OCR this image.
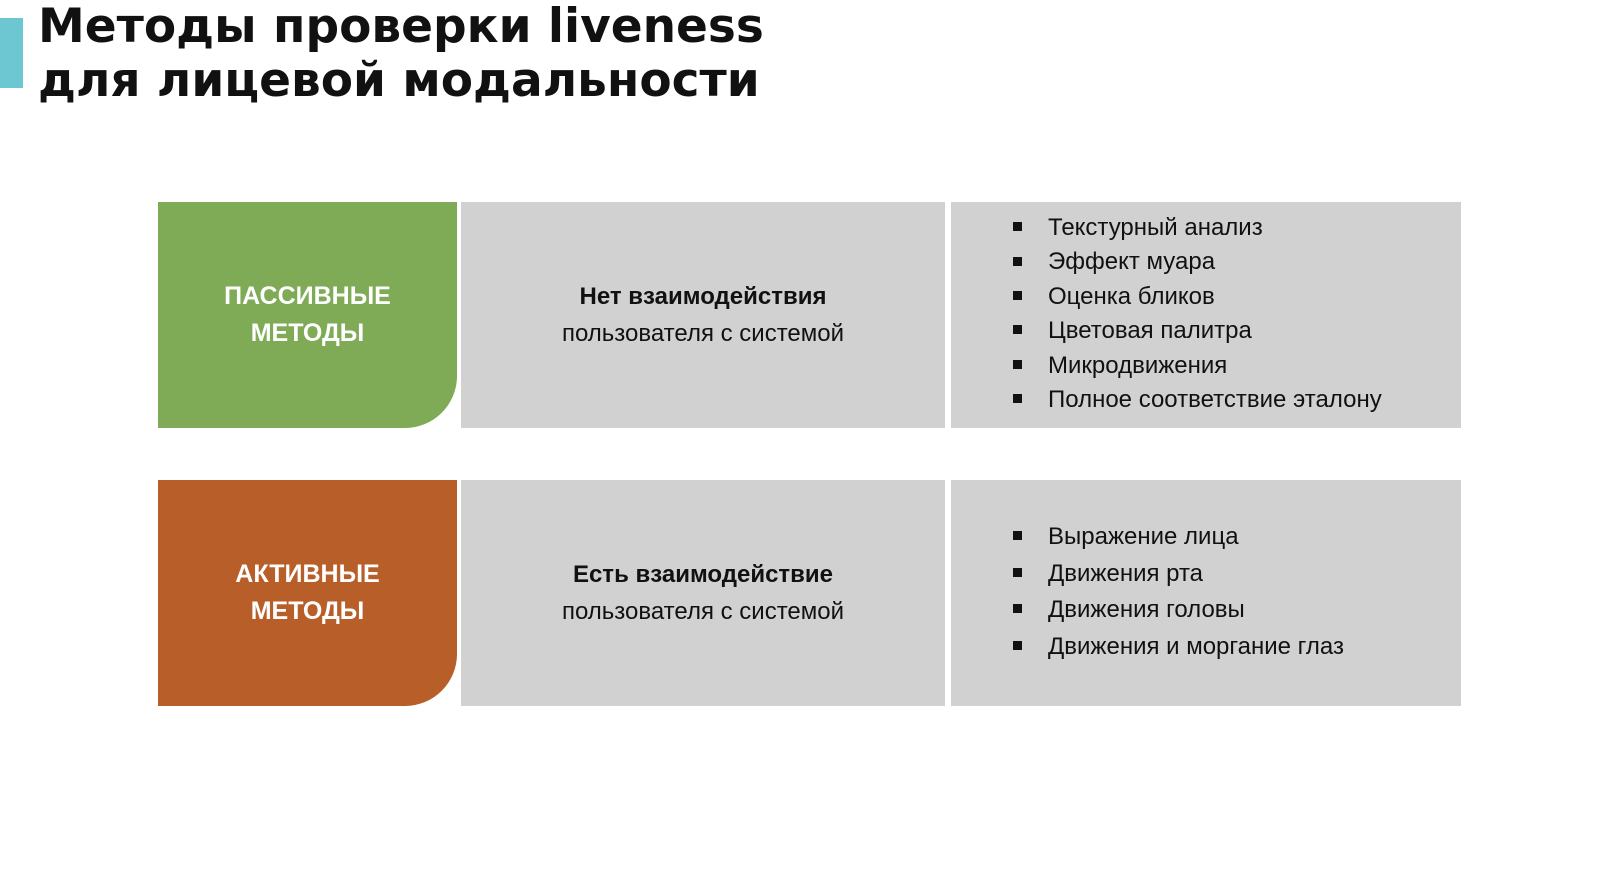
Методы проверки liveness
для лицевой модальности
ПАССИВНЫЕ
МЕТОДЫ
Нет взаимодействия
пользователя с системой
Текстурный анализ
Эффект муара
Оценка бликов
Цветовая палитра
Микродвижения
Полное соответствие эталону
АКТИВНЫЕ
МЕТОДЫ
Есть взаимодействие
пользователя с системой
Выражение лица
Движения рта
Движения головы
Движения и моргание глаз
